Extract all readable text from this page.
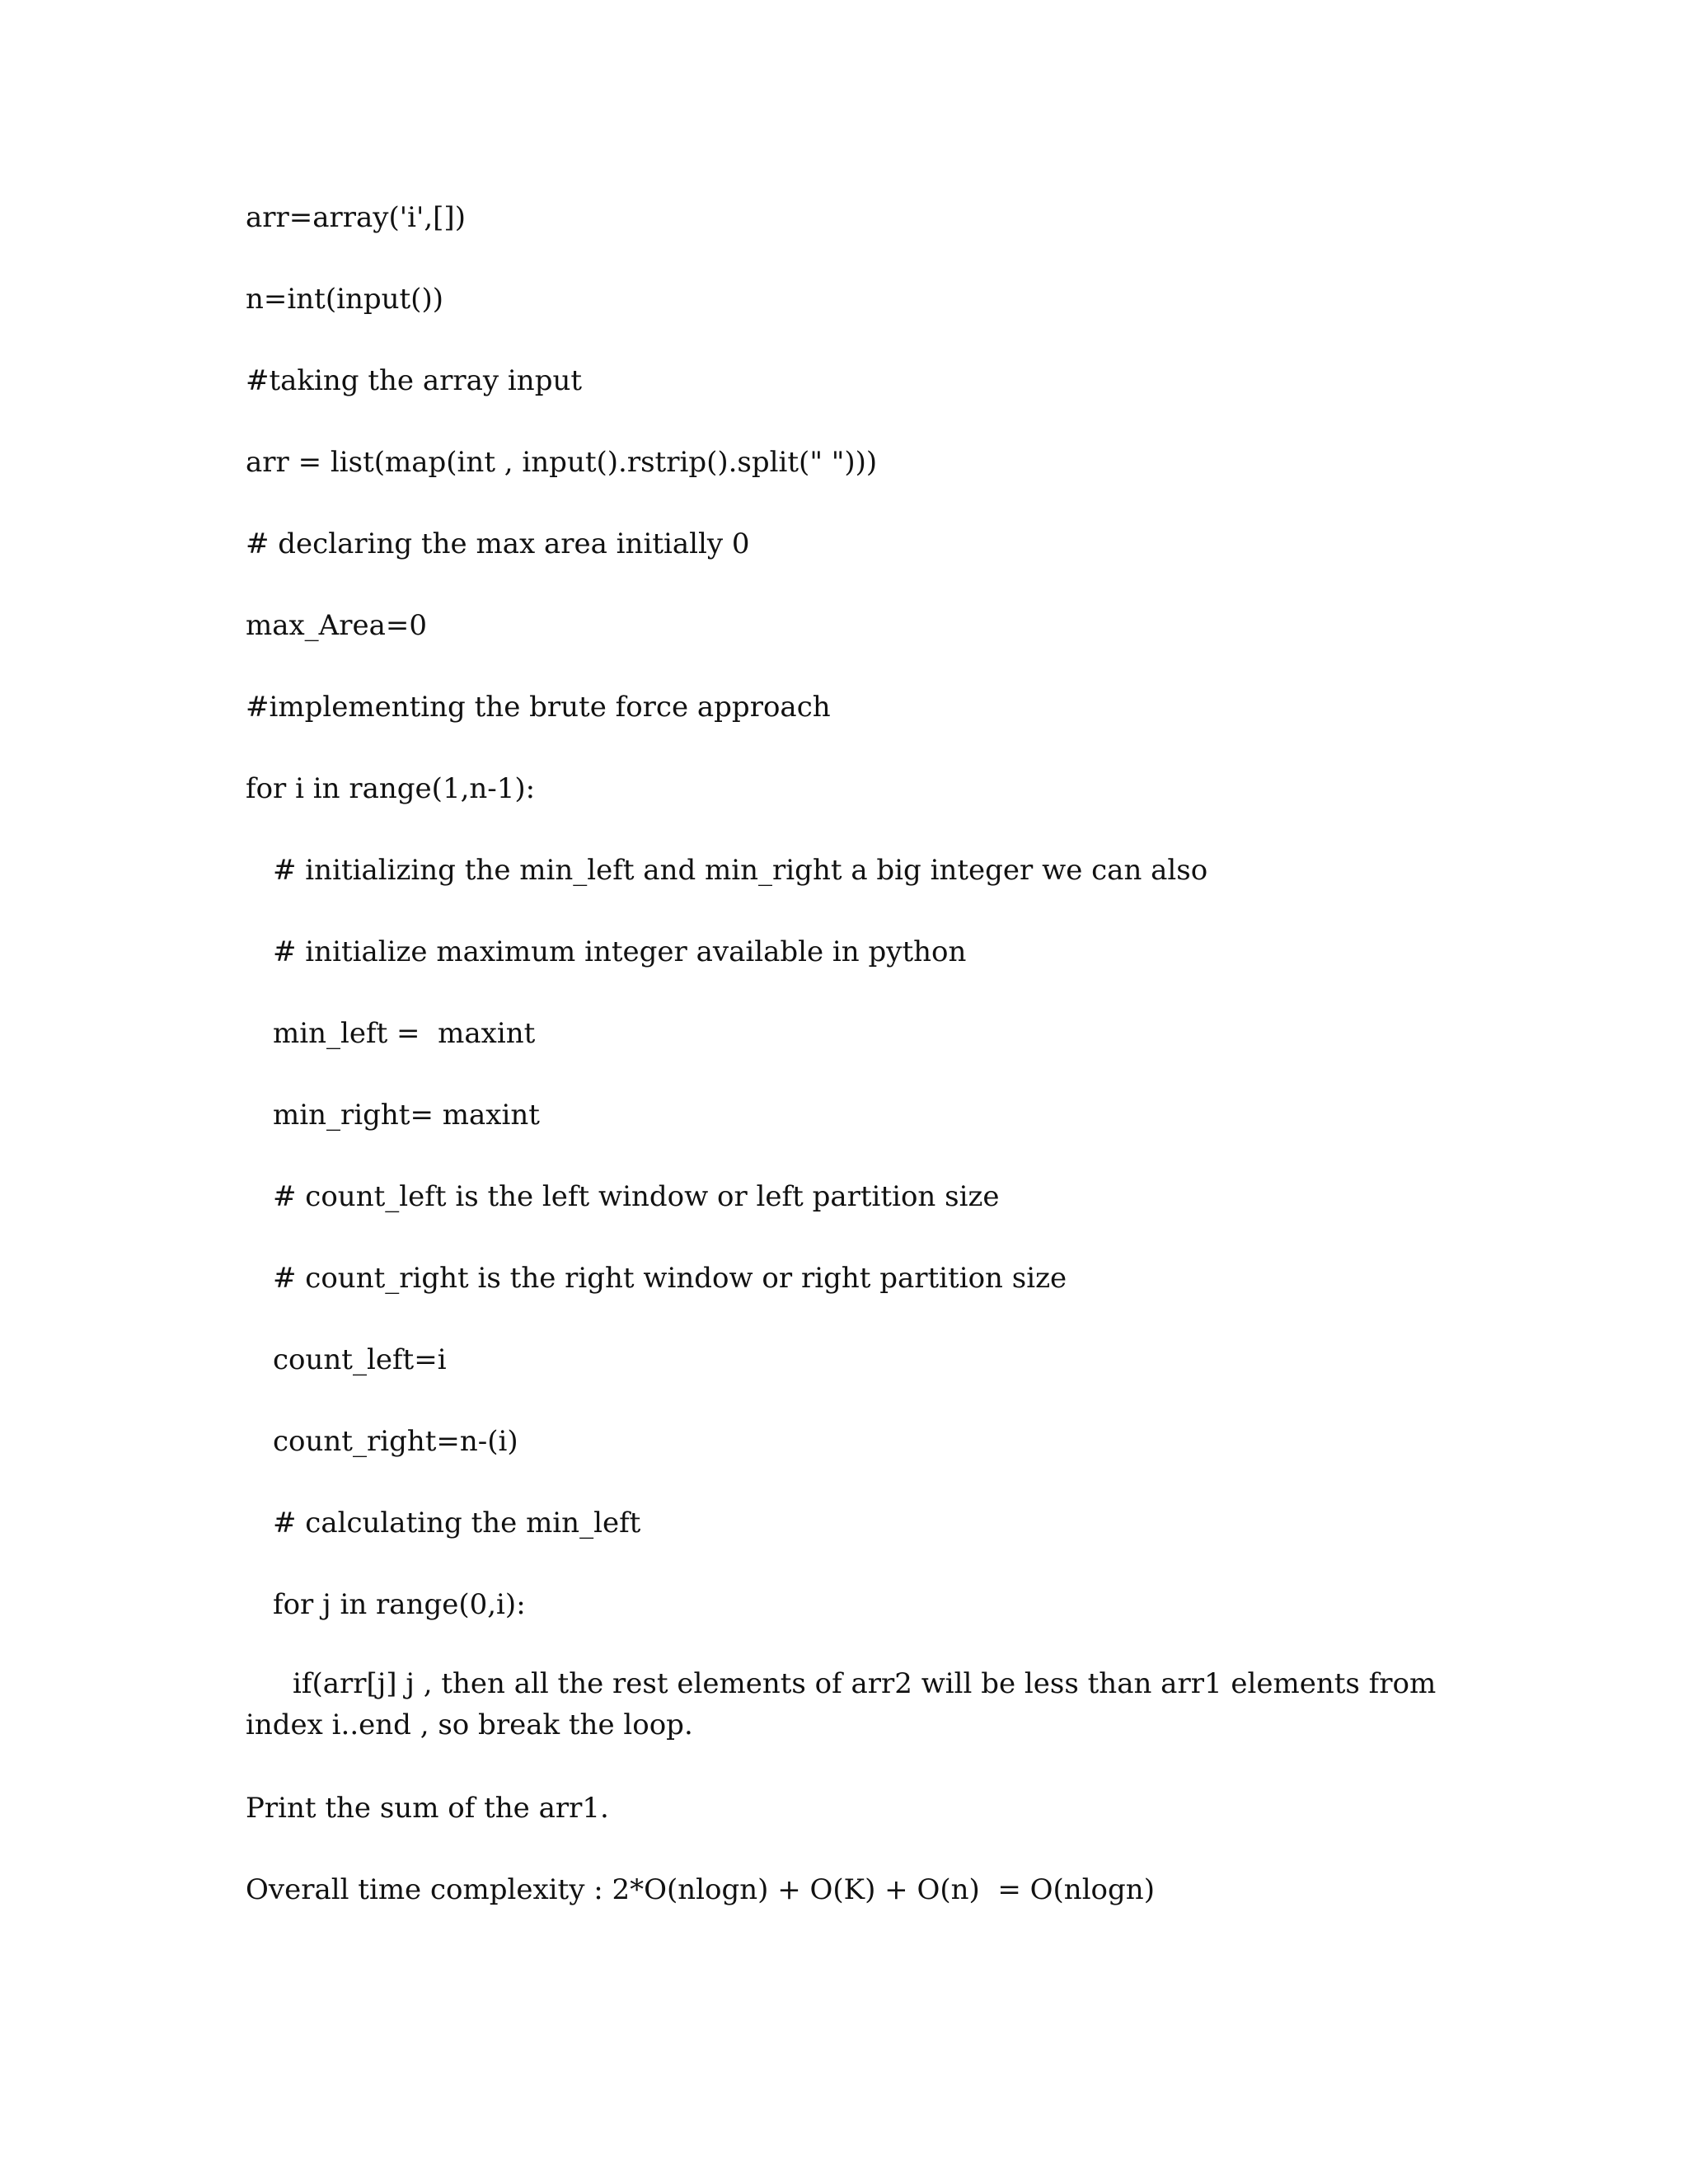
arr=array('i',[])

n=int(input())

#taking the array input

arr = list(map(int , input().rstrip().split(" ")))

# declaring the max area initially 0

max_Area=0

#implementing the brute force approach

for i in range(1,n-1):

# initializing the min_left and min_right a big integer we can also

# initialize maximum integer available in python

min_left =  maxint

min_right= maxint

# count_left is the left window or left partition size

# count_right is the right window or right partition size

count_left=i

count_right=n-(i)

# calculating the min_left

for j in range(0,i):

if(arr[j] j , then all the rest elements of arr2 will be less than arr1 elements from index i..end , so break the loop.

Print the sum of the arr1.

Overall time complexity : 2*O(nlogn) + O(K) + O(n)  = O(nlogn)
